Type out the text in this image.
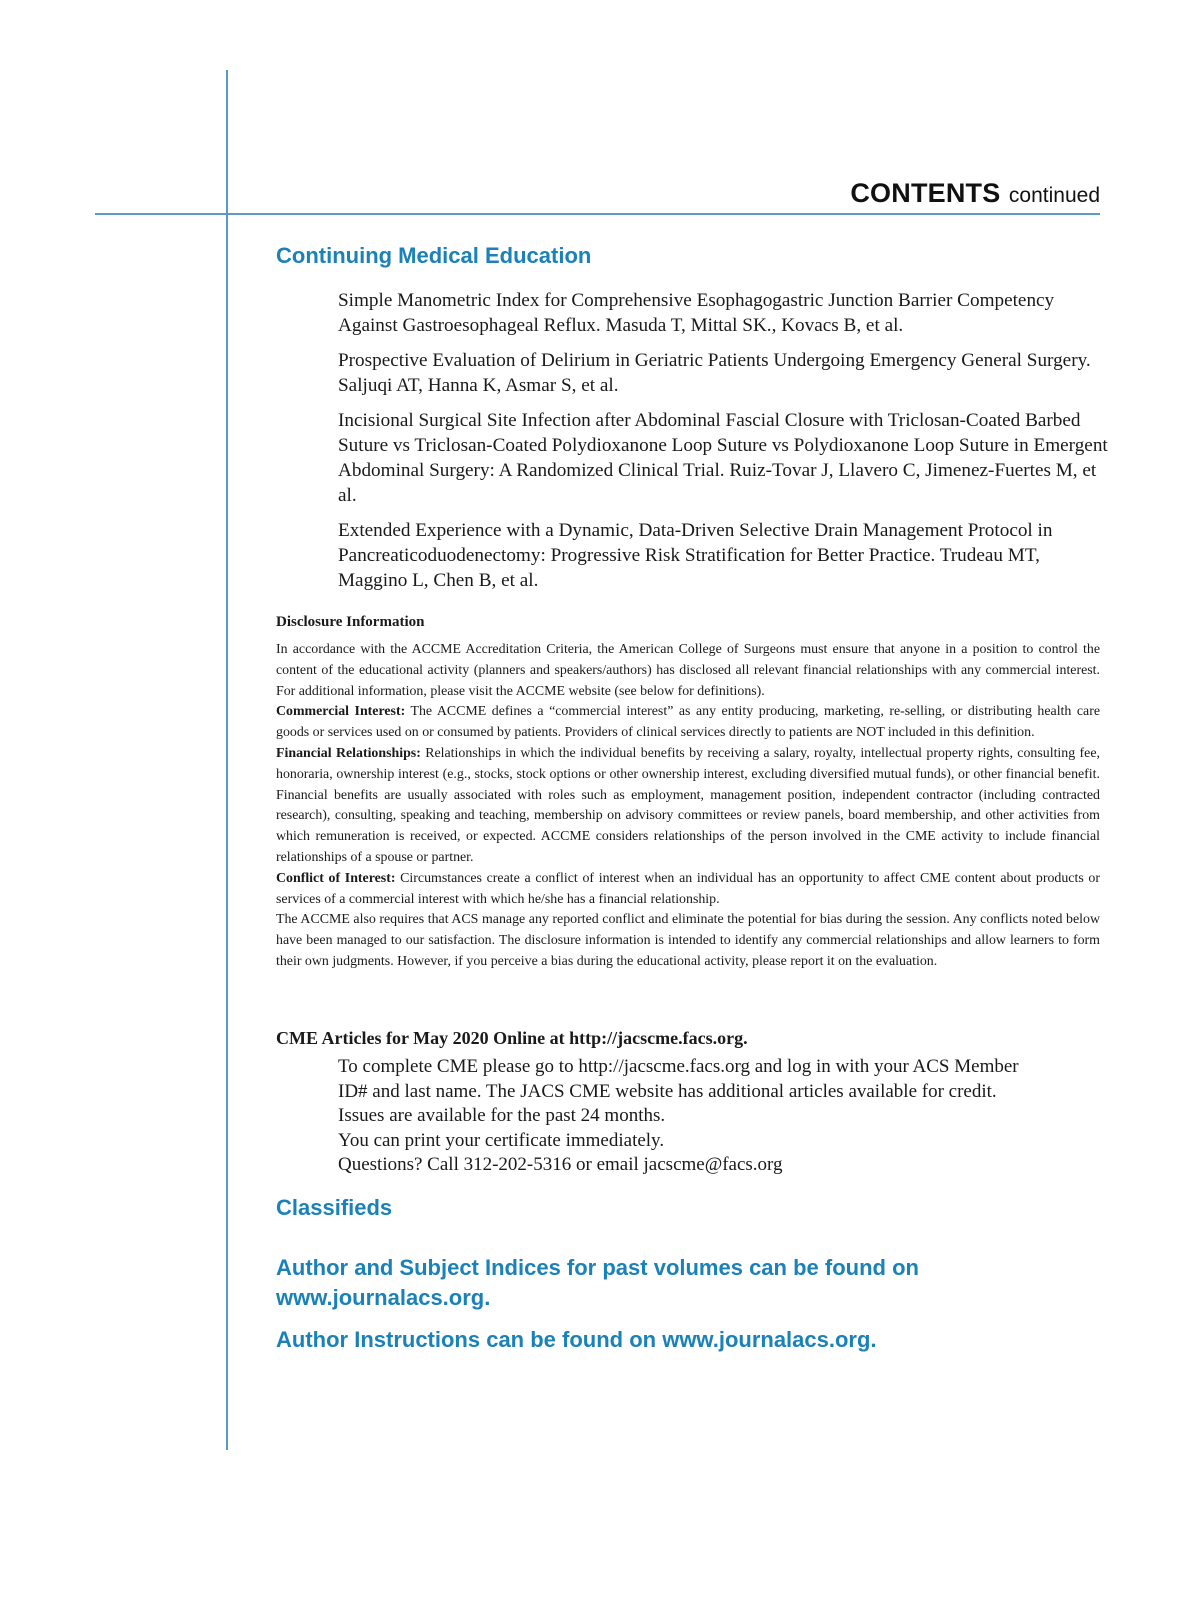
CONTENTS continued
Continuing Medical Education

Simple Manometric Index for Comprehensive Esophagogastric Junction Barrier Competency Against Gastroesophageal Reflux. Masuda T, Mittal SK., Kovacs B, et al.

Prospective Evaluation of Delirium in Geriatric Patients Undergoing Emergency General Surgery. Saljuqi AT, Hanna K, Asmar S, et al.

Incisional Surgical Site Infection after Abdominal Fascial Closure with Triclosan-Coated Barbed Suture vs Triclosan-Coated Polydioxanone Loop Suture vs Polydioxanone Loop Suture in Emergent Abdominal Surgery: A Randomized Clinical Trial. Ruiz-Tovar J, Llavero C, Jimenez-Fuertes M, et al.

Extended Experience with a Dynamic, Data-Driven Selective Drain Management Protocol in Pancreaticoduodenectomy: Progressive Risk Stratification for Better Practice. Trudeau MT, Maggino L, Chen B, et al.

Disclosure Information

In accordance with the ACCME Accreditation Criteria, the American College of Surgeons must ensure that anyone in a position to control the content of the educational activity (planners and speakers/authors) has disclosed all relevant financial relationships with any commercial interest. For additional information, please visit the ACCME website (see below for definitions).

Commercial Interest: The ACCME defines a “commercial interest” as any entity producing, marketing, re-selling, or distributing health care goods or services used on or consumed by patients. Providers of clinical services directly to patients are NOT included in this definition.

Financial Relationships: Relationships in which the individual benefits by receiving a salary, royalty, intellectual property rights, consulting fee, honoraria, ownership interest (e.g., stocks, stock options or other ownership interest, excluding diversified mutual funds), or other financial benefit. Financial benefits are usually associated with roles such as employment, management position, independent contractor (including contracted research), consulting, speaking and teaching, membership on advisory committees or review panels, board membership, and other activities from which remuneration is received, or expected. ACCME considers relationships of the person involved in the CME activity to include financial relationships of a spouse or partner.

Conflict of Interest: Circumstances create a conflict of interest when an individual has an opportunity to affect CME content about products or services of a commercial interest with which he/she has a financial relationship.

The ACCME also requires that ACS manage any reported conflict and eliminate the potential for bias during the session. Any conflicts noted below have been managed to our satisfaction. The disclosure information is intended to identify any commercial relationships and allow learners to form their own judgments. However, if you perceive a bias during the educational activity, please report it on the evaluation.

CME Articles for May 2020 Online at http://jacscme.facs.org.
To complete CME please go to http://jacscme.facs.org and log in with your ACS Member
ID# and last name. The JACS CME website has additional articles available for credit.
Issues are available for the past 24 months.
You can print your certificate immediately.
Questions? Call 312-202-5316 or email jacscme@facs.org
Classifieds
Author and Subject Indices for past volumes can be found on
www.journalacs.org.
Author Instructions can be found on www.journalacs.org.
